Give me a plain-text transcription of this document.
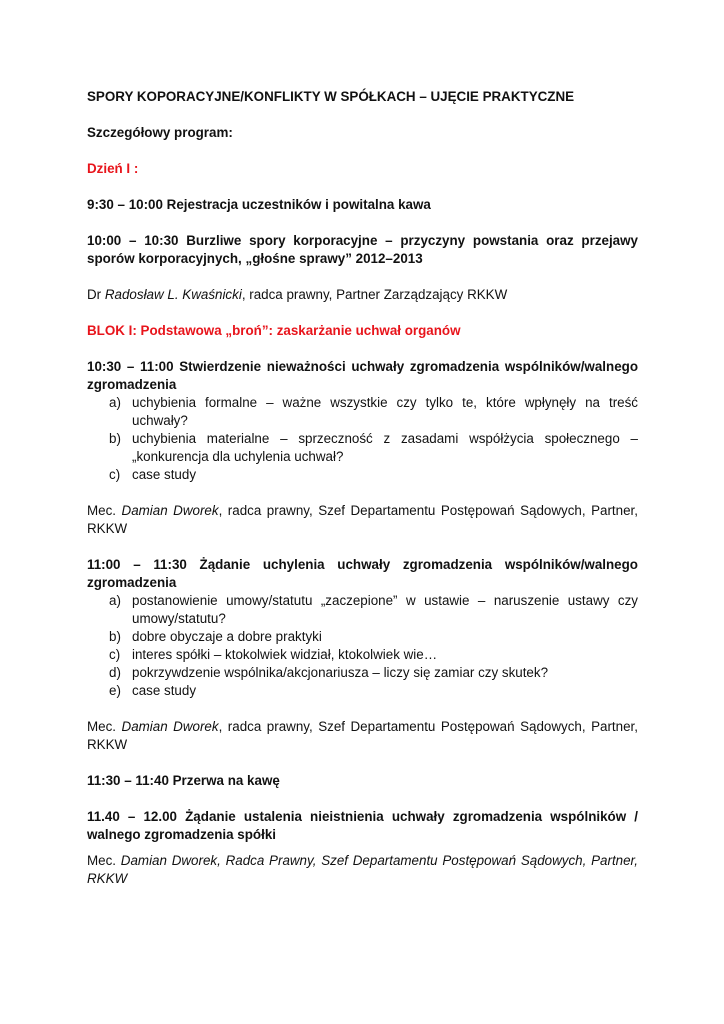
SPORY KOPORACYJNE/KONFLIKTY W SPÓŁKACH – UJĘCIE PRAKTYCZNE

Szczegółowy program:

Dzień I :

9:30 – 10:00 Rejestracja uczestników i powitalna kawa

10:00 – 10:30 Burzliwe spory korporacyjne – przyczyny powstania oraz przejawy sporów korporacyjnych, „głośne sprawy” 2012–2013

Dr Radosław L. Kwaśnicki, radca prawny, Partner Zarządzający RKKW

BLOK I: Podstawowa „broń”: zaskarżanie uchwał organów

10:30 – 11:00 Stwierdzenie nieważności uchwały zgromadzenia wspólników/walnego zgromadzenia

a) uchybienia formalne – ważne wszystkie czy tylko te, które wpłynęły na treść uchwały?
b) uchybienia materialne – sprzeczność z zasadami współżycia społecznego – „konkurencja dla uchylenia uchwał?
c) case study

Mec. Damian Dworek, radca prawny, Szef Departamentu Postępowań Sądowych, Partner, RKKW

11:00 – 11:30 Żądanie uchylenia uchwały zgromadzenia wspólników/walnego zgromadzenia

a) postanowienie umowy/statutu „zaczepione” w ustawie – naruszenie ustawy czy umowy/statutu?
b) dobre obyczaje a dobre praktyki
c) interes spółki – ktokolwiek widział, ktokolwiek wie…
d) pokrzywdzenie wspólnika/akcjonariusza – liczy się zamiar czy skutek?
e) case study

Mec. Damian Dworek, radca prawny, Szef Departamentu Postępowań Sądowych, Partner, RKKW

11:30 – 11:40 Przerwa na kawę

11.40 – 12.00 Żądanie ustalenia nieistnienia uchwały zgromadzenia wspólników / walnego zgromadzenia spółki

Mec. Damian Dworek, Radca Prawny, Szef Departamentu Postępowań Sądowych, Partner, RKKW
